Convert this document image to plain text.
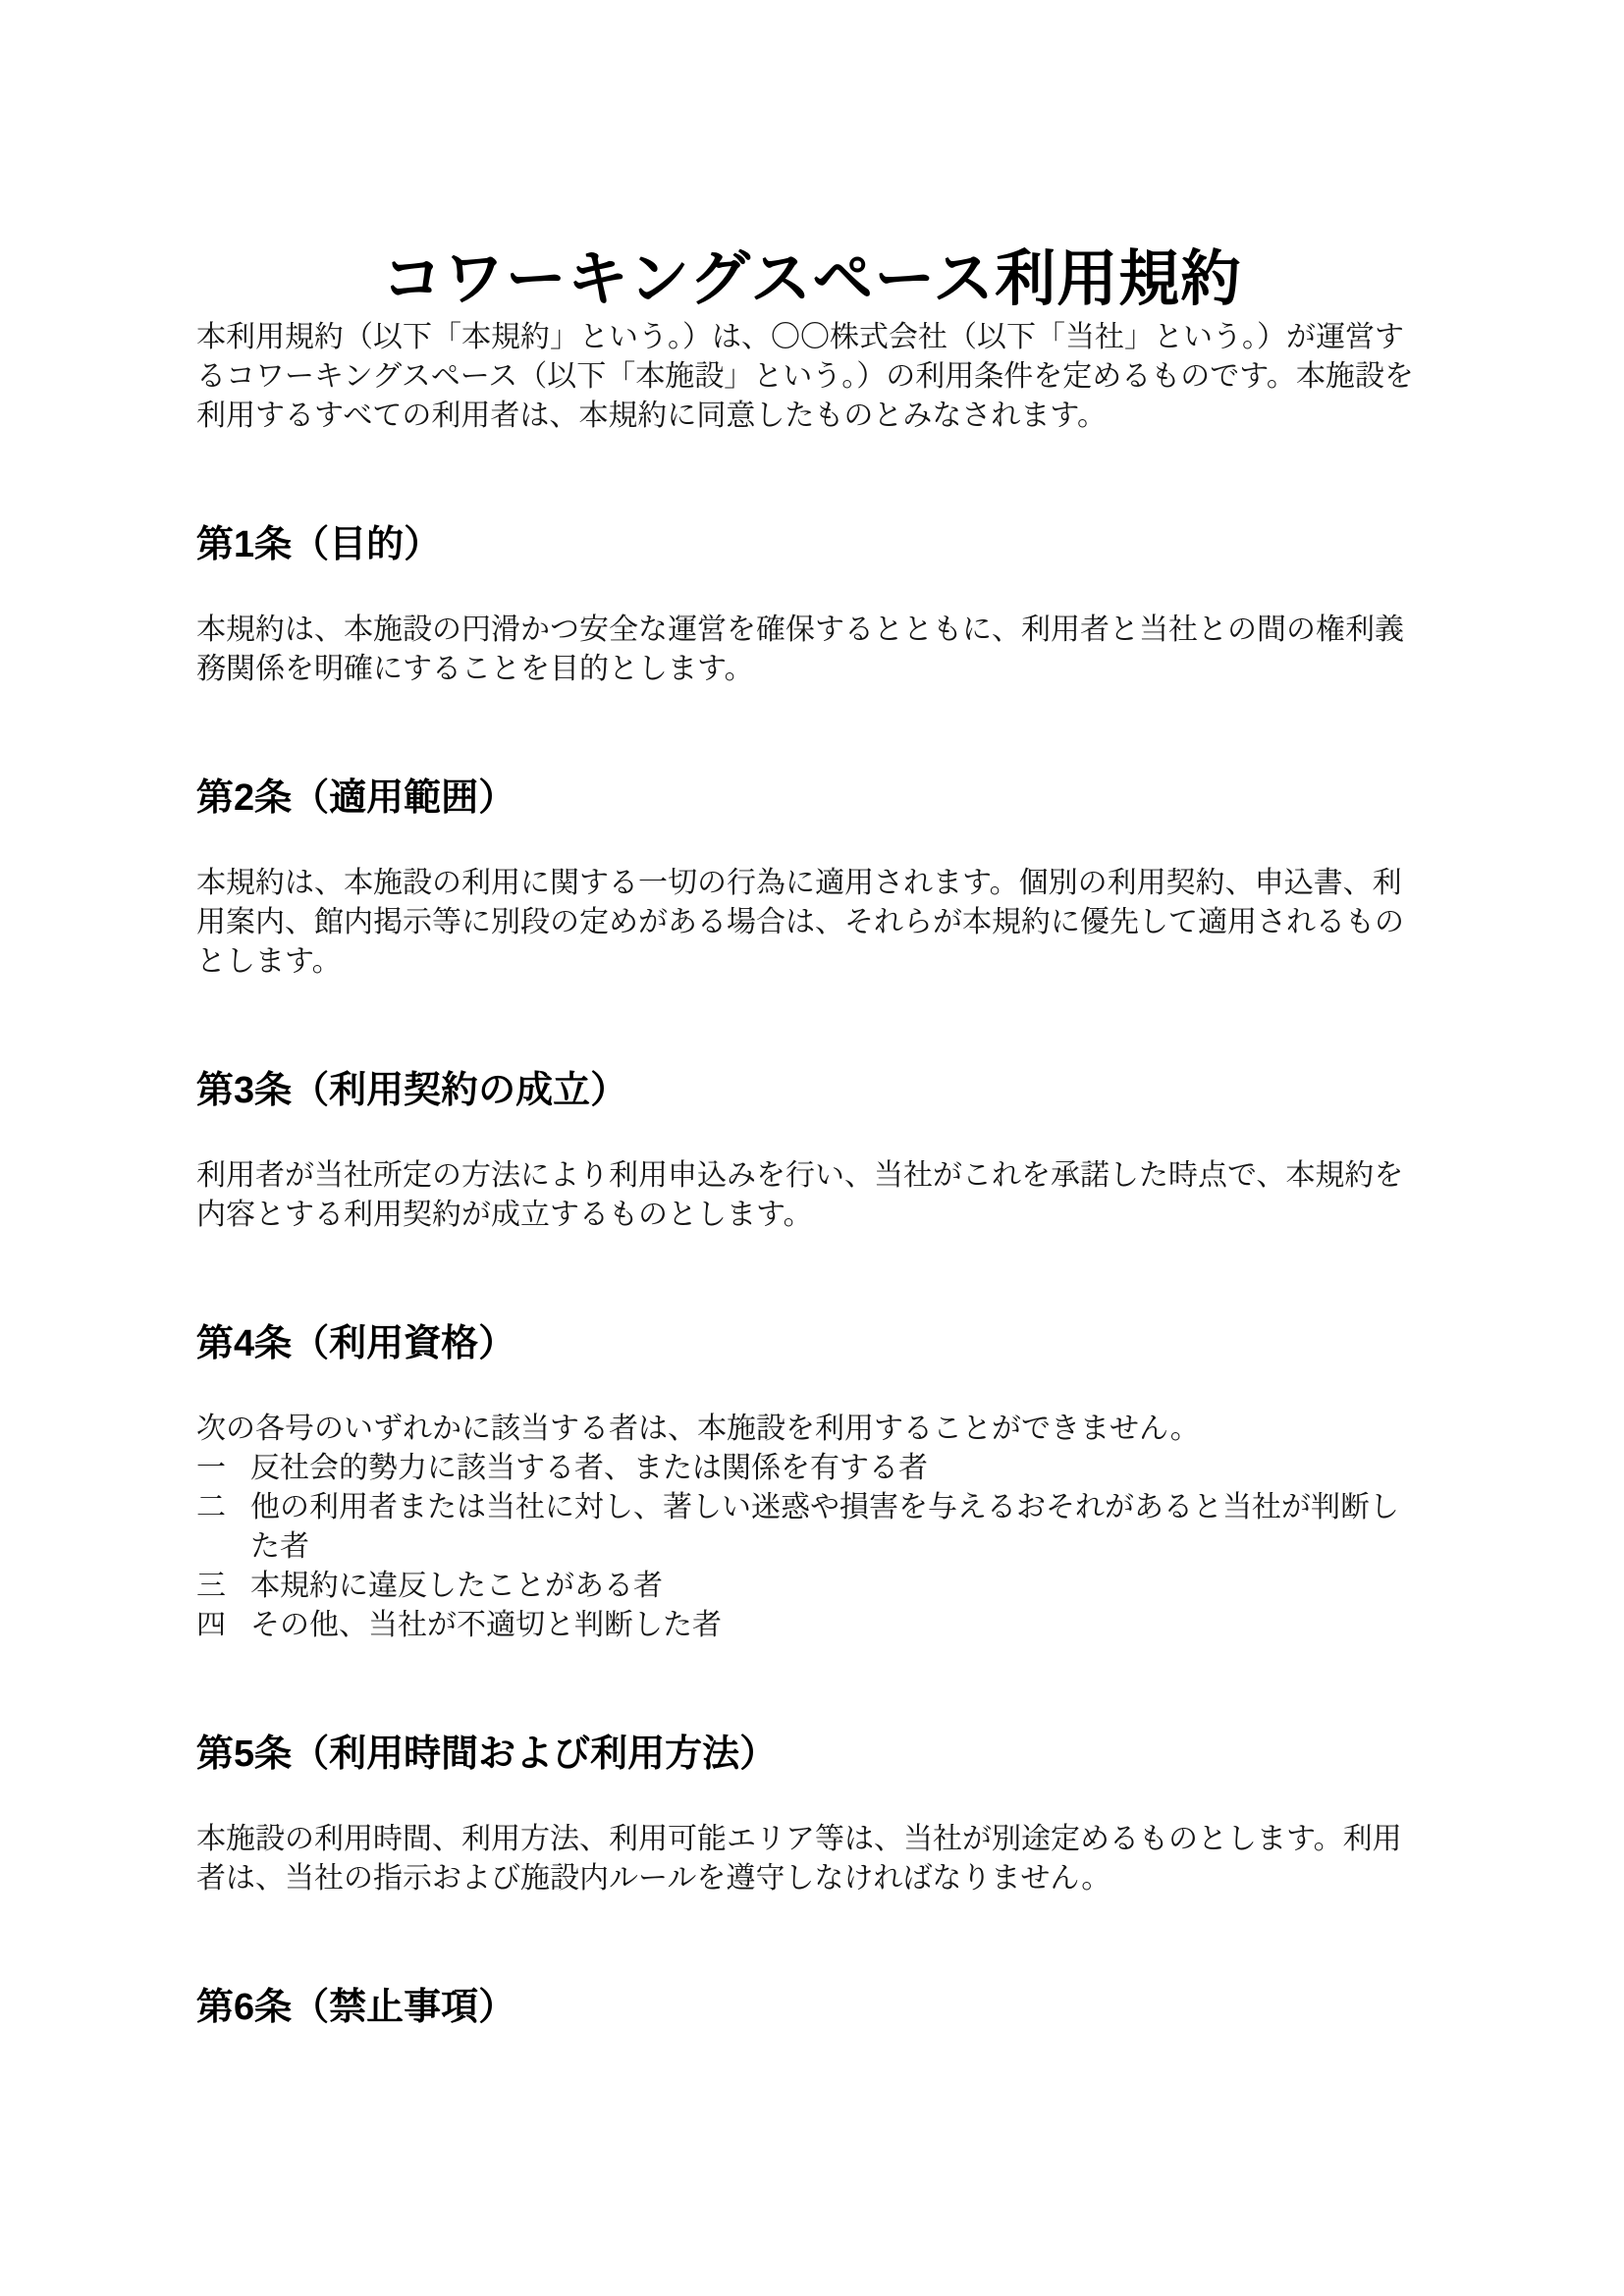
コワーキングスペース利用規約

本利用規約（以下「本規約」という。）は、〇〇株式会社（以下「当社」という。）が運営するコワーキングスペース（以下「本施設」という。）の利用条件を定めるものです。本施設を利用するすべての利用者は、本規約に同意したものとみなされます。

第1条（目的）

本規約は、本施設の円滑かつ安全な運営を確保するとともに、利用者と当社との間の権利義務関係を明確にすることを目的とします。

第2条（適用範囲）

本規約は、本施設の利用に関する一切の行為に適用されます。個別の利用契約、申込書、利用案内、館内掲示等に別段の定めがある場合は、それらが本規約に優先して適用されるものとします。

第3条（利用契約の成立）

利用者が当社所定の方法により利用申込みを行い、当社がこれを承諾した時点で、本規約を内容とする利用契約が成立するものとします。

第4条（利用資格）

次の各号のいずれかに該当する者は、本施設を利用することができません。

一 反社会的勢力に該当する者、または関係を有する者
二 他の利用者または当社に対し、著しい迷惑や損害を与えるおそれがあると当社が判断した者
三 本規約に違反したことがある者
四 その他、当社が不適切と判断した者
第5条（利用時間および利用方法）

本施設の利用時間、利用方法、利用可能エリア等は、当社が別途定めるものとします。利用者は、当社の指示および施設内ルールを遵守しなければなりません。

第6条（禁止事項）
